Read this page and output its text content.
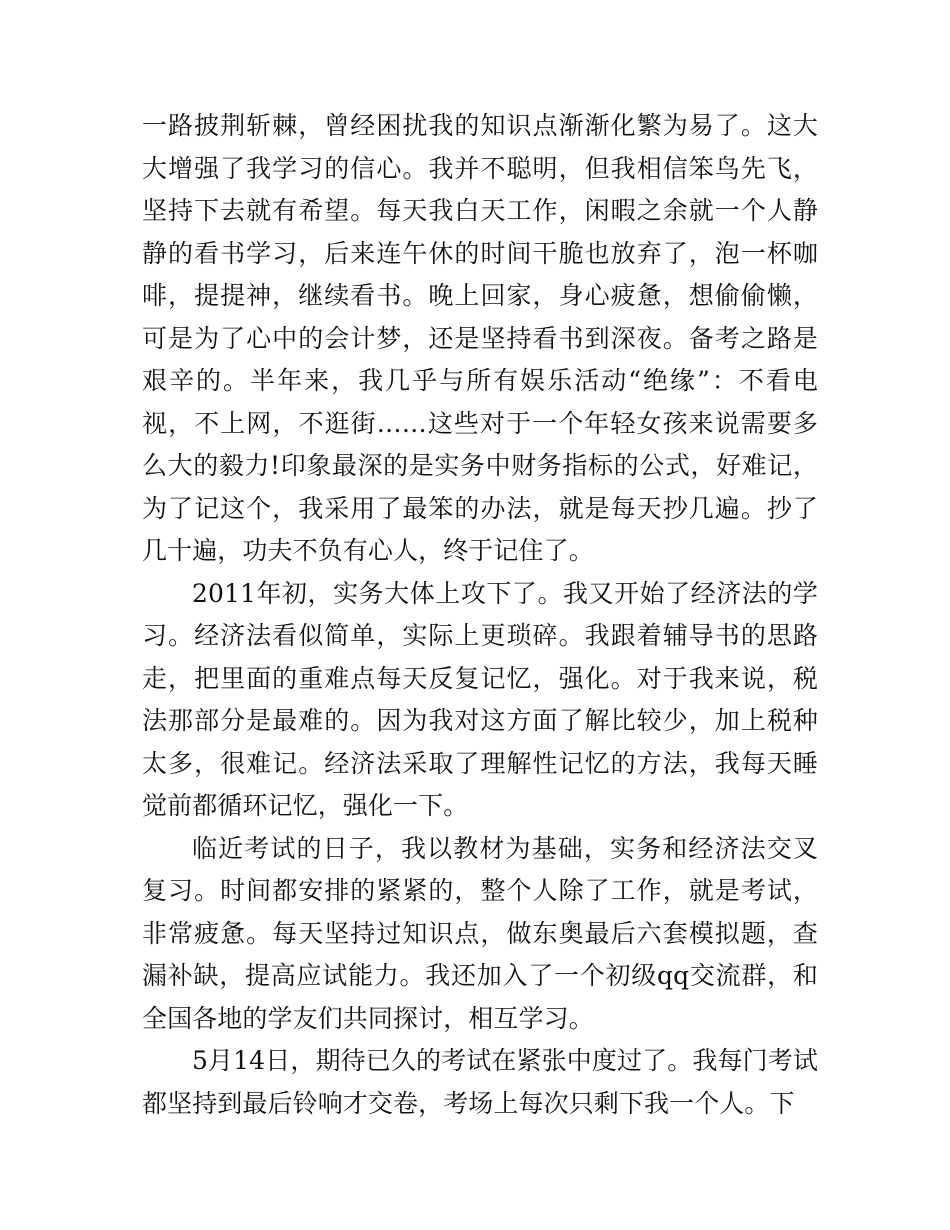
一路披荆斩棘，曾经困扰我的知识点渐渐化繁为易了。这大大增强了我学习的信心。我并不聪明，但我相信笨鸟先飞，坚持下去就有希望。每天我白天工作，闲暇之余就一个人静静的看书学习，后来连午休的时间干脆也放弃了，泡一杯咖啡，提提神，继续看书。晚上回家，身心疲惫，想偷偷懒，可是为了心中的会计梦，还是坚持看书到深夜。备考之路是艰辛的。半年来，我几乎与所有娱乐活动“绝缘”：不看电视，不上网，不逛街……这些对于一个年轻女孩来说需要多么大的毅力!印象最深的是实务中财务指标的公式，好难记，为了记这个，我采用了最笨的办法，就是每天抄几遍。抄了几十遍，功夫不负有心人，终于记住了。

2011年初，实务大体上攻下了。我又开始了经济法的学习。经济法看似简单，实际上更琐碎。我跟着辅导书的思路走，把里面的重难点每天反复记忆，强化。对于我来说，税法那部分是最难的。因为我对这方面了解比较少，加上税种太多，很难记。经济法采取了理解性记忆的方法，我每天睡觉前都循环记忆，强化一下。

临近考试的日子，我以教材为基础，实务和经济法交叉复习。时间都安排的紧紧的，整个人除了工作，就是考试，非常疲惫。每天坚持过知识点，做东奥最后六套模拟题，查漏补缺，提高应试能力。我还加入了一个初级qq交流群，和全国各地的学友们共同探讨，相互学习。

5月14日，期待已久的考试在紧张中度过了。我每门考试都坚持到最后铃响才交卷，考场上每次只剩下我一个人。下
